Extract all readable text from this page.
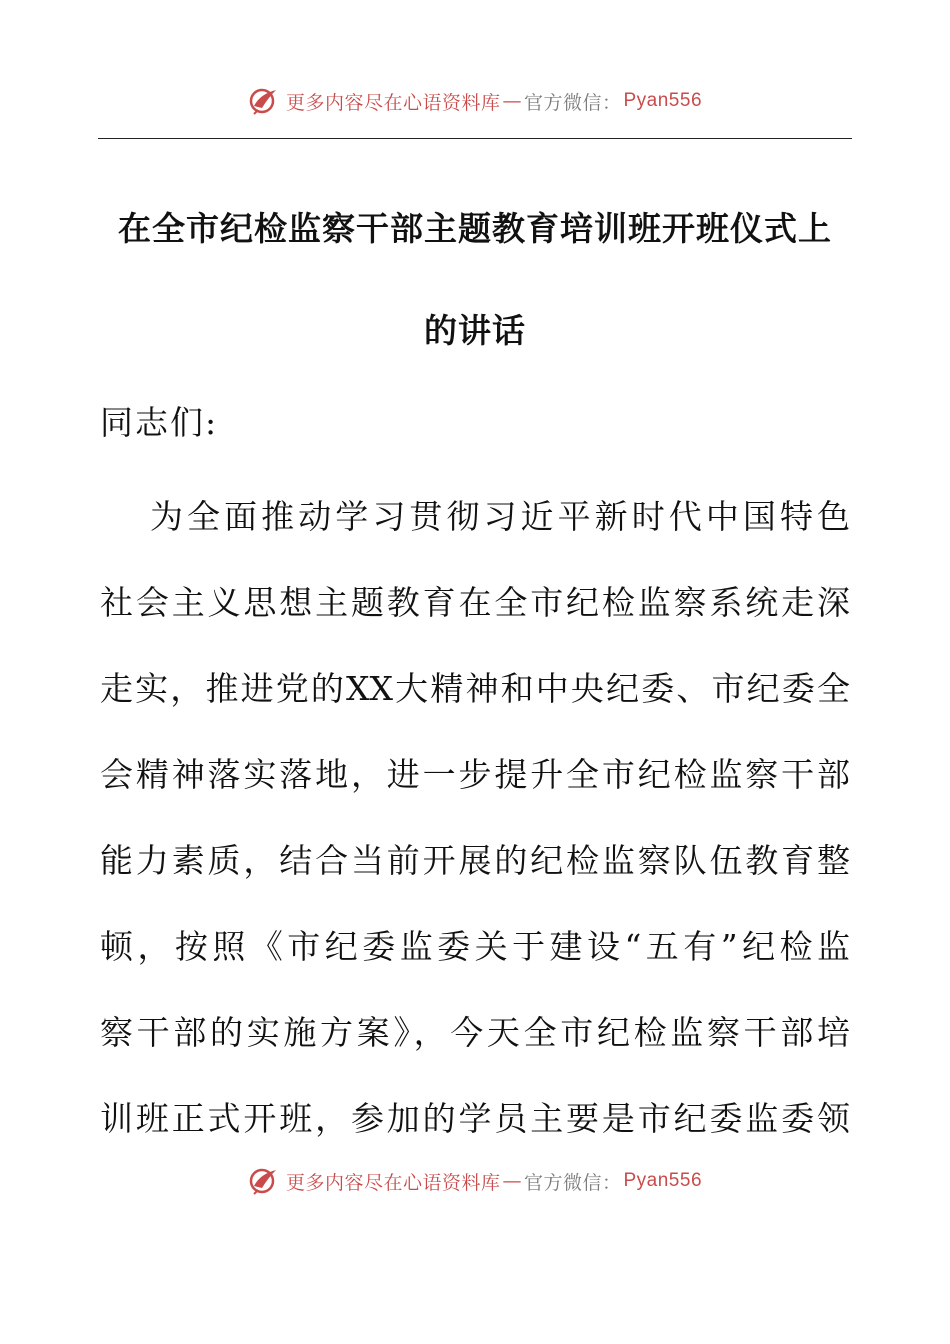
更多内容尽在心语资料库 — 官方微信： Pyan556
在全市纪检监察干部主题教育培训班开班仪式上
的讲话

同志们:

为全面推动学习贯彻习近平新时代中国特色
社会主义思想主题教育在全市纪检监察系统走深
走实，推进党的XX大精神和中央纪委、市纪委全
会精神落实落地，进一步提升全市纪检监察干部
能力素质，结合当前开展的纪检监察队伍教育整
顿，按照《市纪委监委关于建设“五有”纪检监
察干部的实施方案》，今天全市纪检监察干部培
训班正式开班，参加的学员主要是市纪委监委领

更多内容尽在心语资料库 — 官方微信： Pyan556
